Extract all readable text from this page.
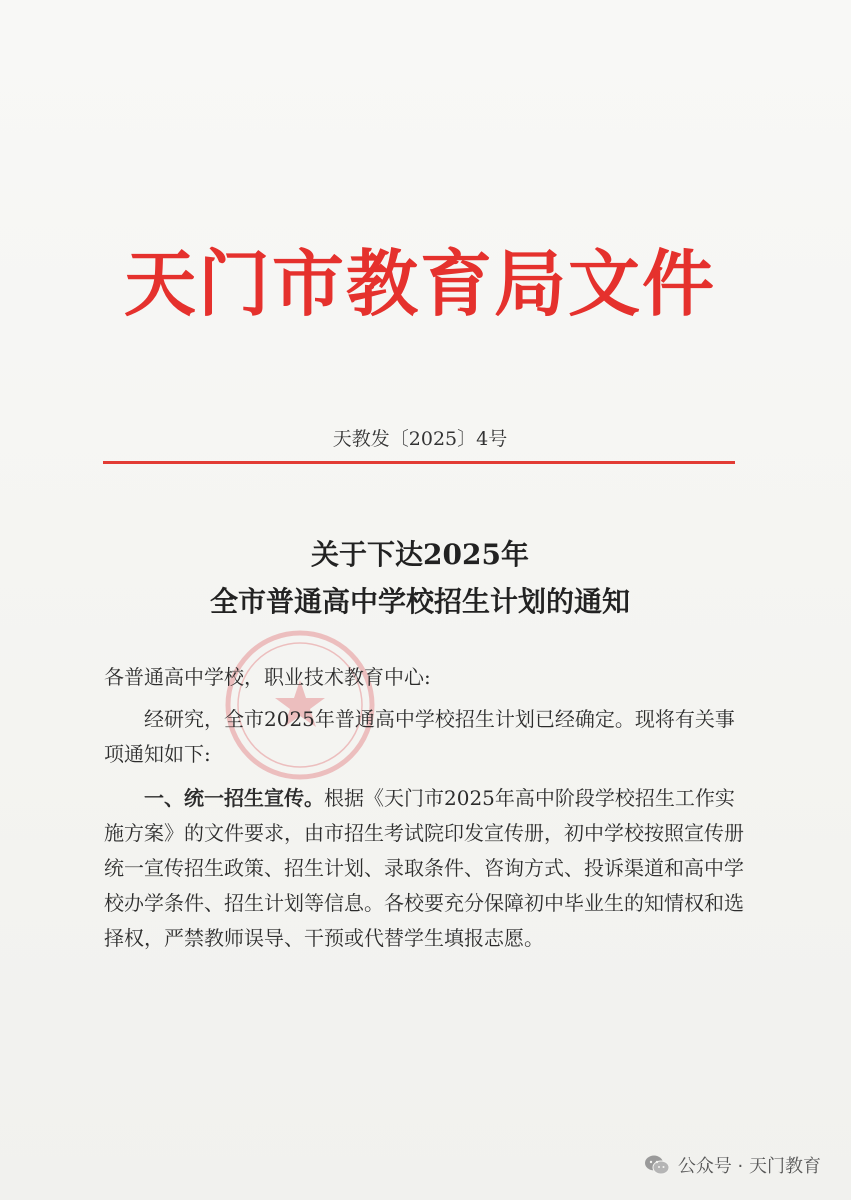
天门市教育局文件
天教发〔2025〕4号
关于下达2025年
全市普通高中学校招生计划的通知
各普通高中学校，职业技术教育中心:
经研究，全市2025年普通高中学校招生计划已经确定。现将有关事项通知如下:
一、统一招生宣传。根据《天门市2025年高中阶段学校招生工作实施方案》的文件要求，由市招生考试院印发宣传册，初中学校按照宣传册统一宣传招生政策、招生计划、录取条件、咨询方式、投诉渠道和高中学校办学条件、招生计划等信息。各校要充分保障初中毕业生的知情权和选择权，严禁教师误导、干预或代替学生填报志愿。
公众号 · 天门教育
